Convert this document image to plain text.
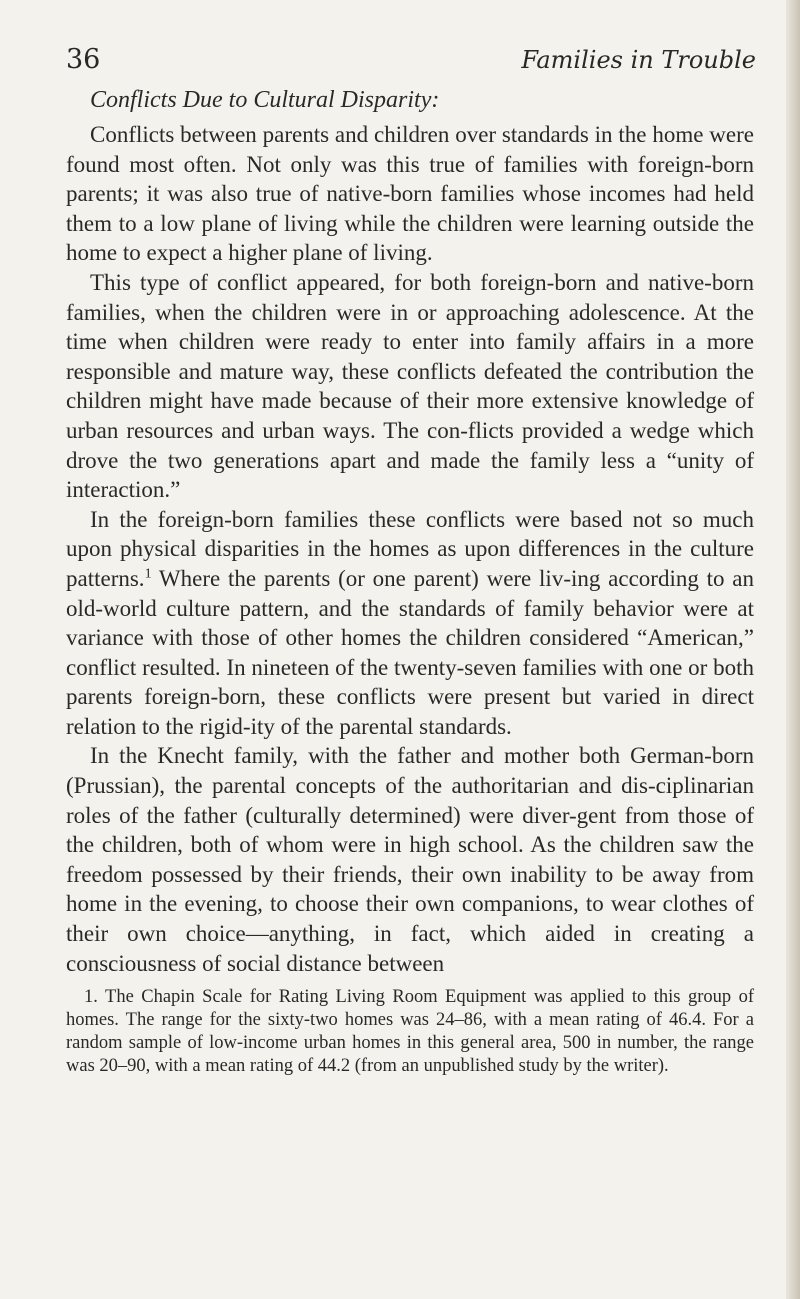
36	Families in Trouble
Conflicts Due to Cultural Disparity:

Conflicts between parents and children over standards in the home were found most often. Not only was this true of families with foreign-born parents; it was also true of native-born families whose incomes had held them to a low plane of living while the children were learning outside the home to expect a higher plane of living.

This type of conflict appeared, for both foreign-born and native-born families, when the children were in or approaching adolescence. At the time when children were ready to enter into family affairs in a more responsible and mature way, these conflicts defeated the contribution the children might have made because of their more extensive knowledge of urban resources and urban ways. The con-flicts provided a wedge which drove the two generations apart and made the family less a “unity of interaction.”

In the foreign-born families these conflicts were based not so much upon physical disparities in the homes as upon differences in the culture patterns.$^1$ Where the parents (or one parent) were liv-ing according to an old-world culture pattern, and the standards of family behavior were at variance with those of other homes the children considered “American,” conflict resulted. In nineteen of the twenty-seven families with one or both parents foreign-born, these conflicts were present but varied in direct relation to the rigid-ity of the parental standards.

In the Knecht family, with the father and mother both German-born (Prussian), the parental concepts of the authoritarian and dis-ciplinarian roles of the father (culturally determined) were diver-gent from those of the children, both of whom were in high school. As the children saw the freedom possessed by their friends, their own inability to be away from home in the evening, to choose their own companions, to wear clothes of their own choice—anything, in fact, which aided in creating a consciousness of social distance between

1. The Chapin Scale for Rating Living Room Equipment was applied to this group of homes. The range for the sixty-two homes was 24–86, with a mean rating of 46.4. For a random sample of low-income urban homes in this general area, 500 in number, the range was 20–90, with a mean rating of 44.2 (from an unpublished study by the writer).
